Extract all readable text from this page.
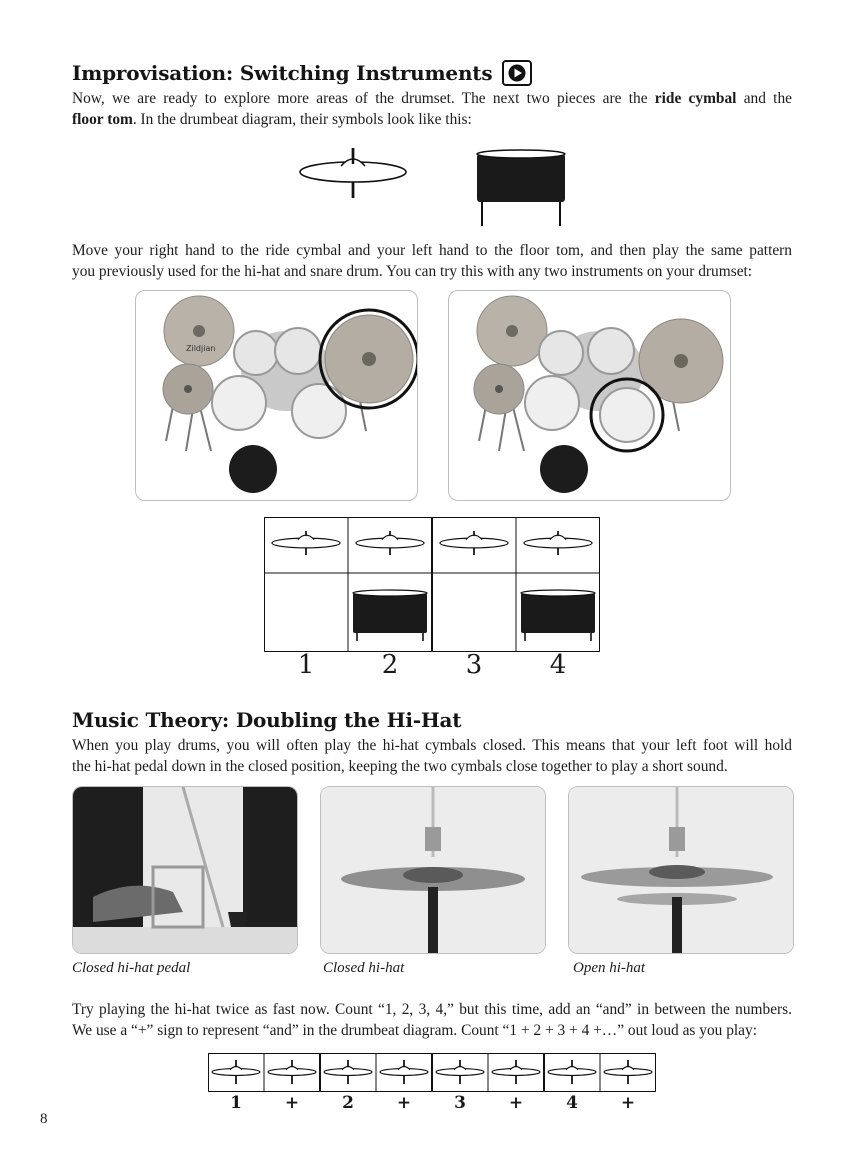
Improvisation: Switching Instruments
Now, we are ready to explore more areas of the drumset. The next two pieces are the ride cymbal and the
floor tom. In the drumbeat diagram, their symbols look like this:
Move your right hand to the ride cymbal and your left hand to the floor tom, and then play the same pattern
you previously used for the hi-hat and snare drum. You can try this with any two instruments on your drumset:
Zildjian
1	2	3	4
Music Theory: Doubling the Hi-Hat
When you play drums, you will often play the hi-hat cymbals closed. This means that your left foot will hold
the hi-hat pedal down in the closed position, keeping the two cymbals close together to play a short sound.
Closed hi-hat pedal	Closed hi-hat	Open hi-hat
Try playing the hi-hat twice as fast now. Count “1, 2, 3, 4,” but this time, add an “and” in between the numbers.
We use a “+” sign to represent “and” in the drumbeat diagram. Count “1 + 2 + 3 + 4 +…” out loud as you play:
1	+	2	+	3	+	4	+
8
